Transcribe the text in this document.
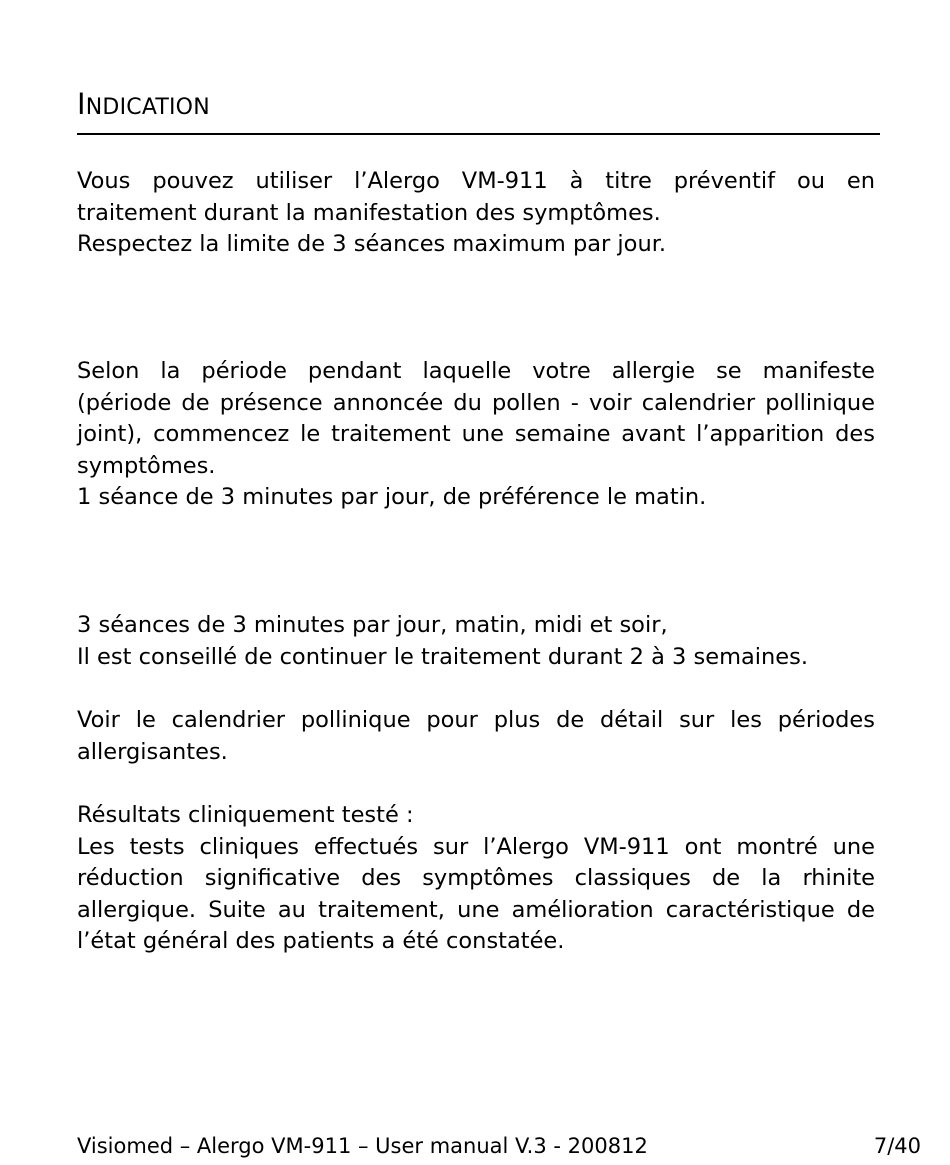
INDICATION

Vous pouvez utiliser l’Alergo VM-911 à titre préventif ou en
traitement durant la manifestation des symptômes.
Respectez la limite de 3 séances maximum par jour.

Selon la période pendant laquelle votre allergie se manifeste
(période de présence annoncée du pollen - voir calendrier pollinique
joint), commencez le traitement une semaine avant l’apparition des
symptômes.
1 séance de 3 minutes par jour, de préférence le matin.

3 séances de 3 minutes par jour, matin, midi et soir,
Il est conseillé de continuer le traitement durant 2 à 3 semaines.

Voir le calendrier pollinique pour plus de détail sur les périodes
allergisantes.

Résultats cliniquement testé :
Les tests cliniques effectués sur l’Alergo VM-911 ont montré une
réduction significative des symptômes classiques de la rhinite
allergique. Suite au traitement, une amélioration caractéristique de
l’état général des patients a été constatée.

Visiomed – Alergo VM-911 – User manual V.3 - 200812	7/40
